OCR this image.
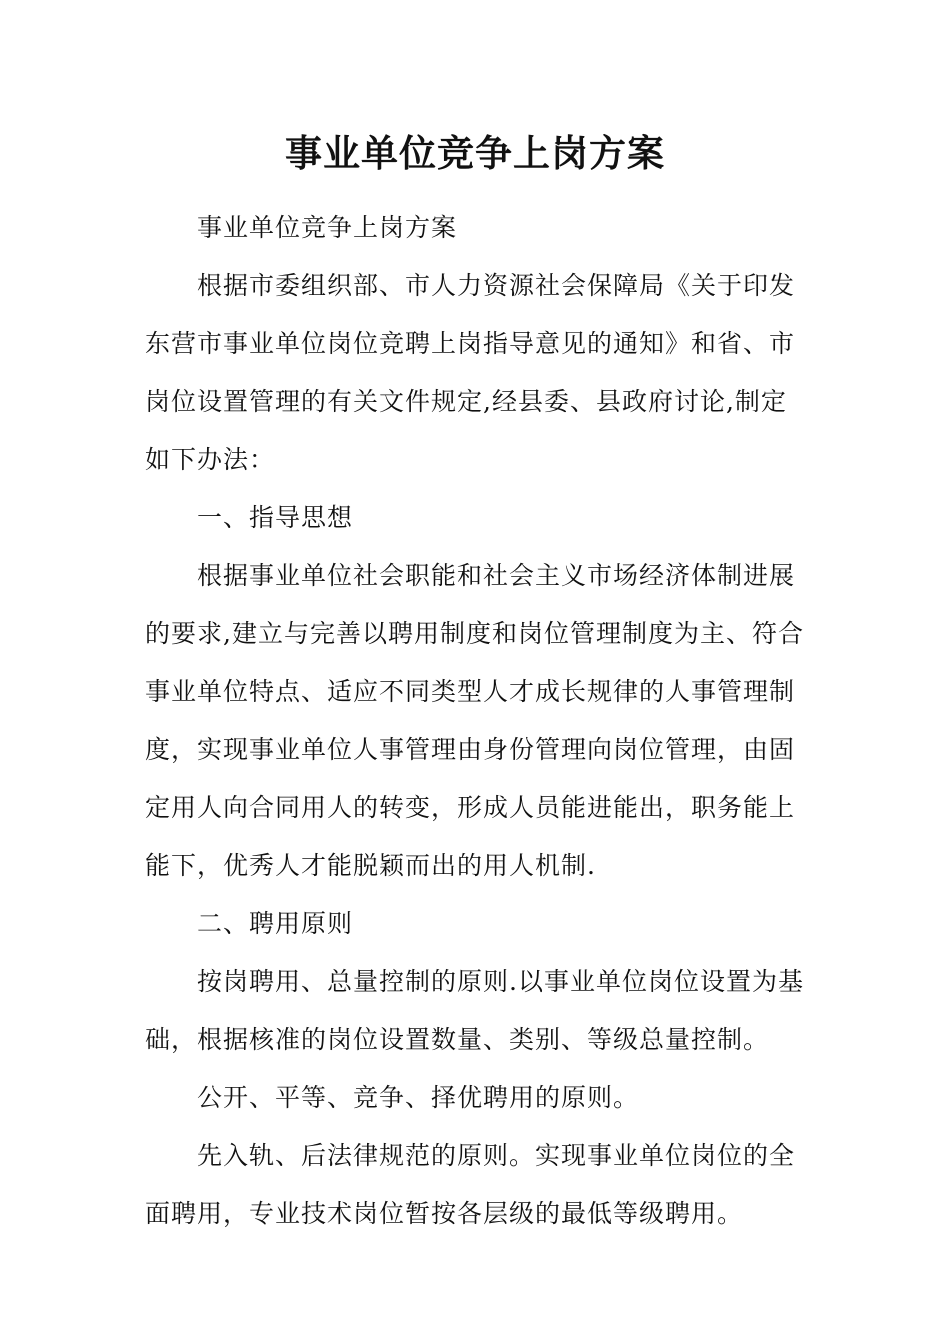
事业单位竞争上岗方案

事业单位竞争上岗方案

根据市委组织部、市人力资源社会保障局《关于印发东营市事业单位岗位竞聘上岗指导意见的通知》和省、市岗位设置管理的有关文件规定,经县委、县政府讨论,制定如下办法：

一、指导思想

根据事业单位社会职能和社会主义市场经济体制进展的要求,建立与完善以聘用制度和岗位管理制度为主、符合事业单位特点、适应不同类型人才成长规律的人事管理制度，实现事业单位人事管理由身份管理向岗位管理，由固定用人向合同用人的转变，形成人员能进能出，职务能上能下，优秀人才能脱颖而出的用人机制.

二、聘用原则

按岗聘用、总量控制的原则.以事业单位岗位设置为基础，根据核准的岗位设置数量、类别、等级总量控制。

公开、平等、竞争、择优聘用的原则。

先入轨、后法律规范的原则。实现事业单位岗位的全面聘用，专业技术岗位暂按各层级的最低等级聘用。
